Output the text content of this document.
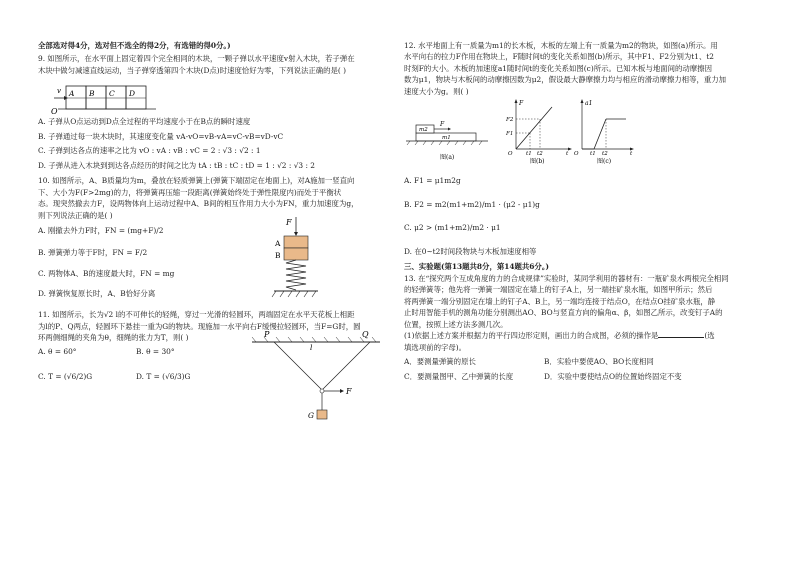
全部选对得4分，选对但不选全的得2分，有选错的得0分。)

9. 如图所示，在水平面上固定着四个完全相同的木块，一颗子弹以水平速度v射入木块，若子弹在

木块中做匀减速直线运动，当子弹穿透第四个木块(D点)时速度恰好为零，下列说法正确的是( )

O
A B C D
v

A. 子弹从O点运动到D点全过程的平均速度小于在B点的瞬时速度

B. 子弹通过每一块木块时，其速度变化量 vA-vO=vB-vA=vC-vB=vD-vC

C. 子弹到达各点的速率之比为 vO : vA : vB : vC = 2 : √3 : √2 : 1

D. 子弹从进入木块到到达各点经历的时间之比为 tA : tB : tC : tD = 1 : √2 : √3 : 2

10. 如图所示，A、B质量均为m，叠放在轻质弹簧上(弹簧下端固定在地面上)，对A施加一竖直向

下、大小为F(F>2mg)的力，将弹簧再压缩一段距离(弹簧始终处于弹性限度内)而处于平衡状

态。现突然撤去力F，设两物体向上运动过程中A、B间的相互作用力大小为FN，重力加速度为g，

则下列说法正确的是( )

A. 刚撤去外力F时，FN = (mg+F)/2

B. 弹簧弹力等于F时，FN = F/2

C. 两物体A、B的速度最大时，FN = mg

D. 弹簧恢复原长时，A、B恰好分离

F
A
B

11. 如图所示，长为√2 l的不可伸长的轻绳，穿过一光滑的轻圆环，两端固定在水平天花板上相距

为l的P、Q两点，轻圆环下悬挂一重为G的物块。现施加一水平向右F缓慢拉轻圆环，当F=G时，圆

环两侧细绳的夹角为θ，细绳的张力为T，则( )

A. θ = 60°

C. T = (√6/2)G

B. θ = 30°

D. T = (√6/3)G

P	Q
l
F
G

12. 水平地面上有一质量为m1的长木板，木板的左端上有一质量为m2的物块，如图(a)所示。用

水平向右的拉力F作用在物块上，F随时间t的变化关系如图(b)所示，其中F1、F2分别为t1、t2

时刻F的大小。木板的加速度a1随时间t的变化关系如图(c)所示。已知木板与地面间的动摩擦因

数为μ1，物块与木板间的动摩擦因数为μ2，假设最大静摩擦力均与相应的滑动摩擦力相等，重力加

速度大小为g。则( )

m2
F
m1
图(a)
F
F2
F1
O t1 t2	t
图(b)
a1
O t1 t2	t
图(c)

A. F1 = μ1m2g

B. F2 = m2(m1+m2)/m1 · (μ2 - μ1)g

C. μ2 > (m1+m2)/m2 · μ1

D. 在0~t2时间段物块与木板加速度相等

三、实验题(第13题共8分，第14题共6分。)

13. 在“探究两个互成角度的力的合成规律”实验时，某同学利用的器材有：一瓶矿泉水两根完全相同

的轻弹簧等；他先将一弹簧一端固定在墙上的钉子A上，另一端挂矿泉水瓶，如图甲所示；然后

将两弹簧一端分别固定在墙上的钉子A、B上，另一端均连接于结点O，在结点O挂矿泉水瓶，静

止时用智能手机的测角功能分别测出AO、BO与竖直方向的偏角α、β，如图乙所示，改变钉子A的

位置，按照上述方法多测几次。

(1)依据上述方案并根据力的平行四边形定则，画出力的合成图，必须的操作是	(选

填选项前的字母)。

A．要测量弹簧的原长	B．实验中要使AO、BO长度相同

C．要测量图甲、乙中弹簧的长度	D．实验中要使结点O的位置始终固定不变
